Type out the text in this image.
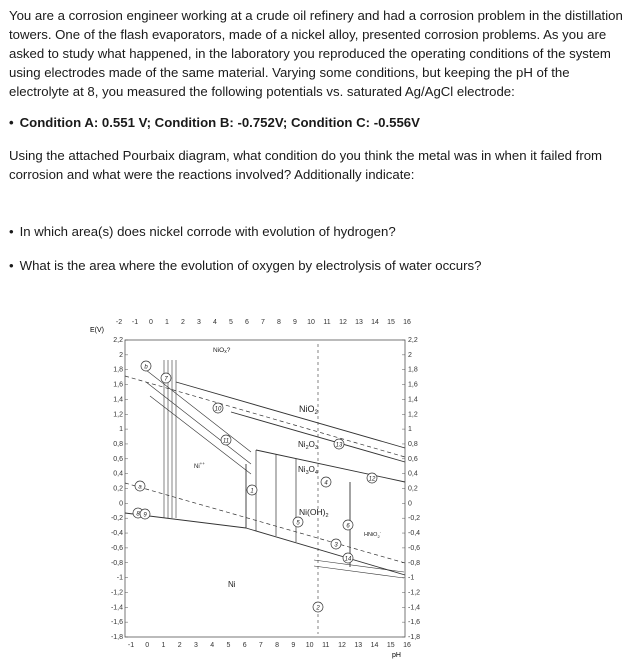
You are a corrosion engineer working at a crude oil refinery and had a corrosion problem in the distillation towers. One of the flash evaporators, made of a nickel alloy, presented corrosion problems. As you are asked to study what happened, in the laboratory you reproduced the operating conditions of the system using electrodes made of the same material. Varying some conditions, but keeping the pH of the electrolyte at 8, you measured the following potentials vs. saturated Ag/AgCl electrode:

• Condition A: 0.551 V; Condition B: -0.752V; Condition C: -0.556V

Using the attached Pourbaix diagram, what condition do you think the metal was in when it failed from corrosion and what were the reactions involved? Additionally indicate:

• In which area(s) does nickel corrode with evolution of hydrogen?

• What is the area where the evolution of oxygen by electrolysis of water occurs?

-2 -1 0 1 2 3 4 5 6 7 8 9 10 11 12 13 14 15 16
-1 0 1 2 3 4 5 6 7 8 9 10 11 12 13 14 15 16
2,2
2
1,8
1,6
1,4
1,2
1
0,8
0,6
0,4
0,2
0
-0,2
-0,4
-0,6
-0,8
-1
-1,2
-1,4
-1,6
-1,8
2,2
2
1,8
1,6
1,4
1,2
1
0,8
0,6
0,4
0,2
0
-0,2
-0,4
-0,6
-0,8
-1
-1,2
-1,4
-1,6
-1,8
E(V)
pH
NiOx?
NiO$_2$
$Ni_2O_3$
$Ni_3O_4$
$Ni(OH)_2$
Ni++
HNiO$_2$-
Ni
a
b
1
2
3
4
5	6
7
8 9
10
11
12
13
14
